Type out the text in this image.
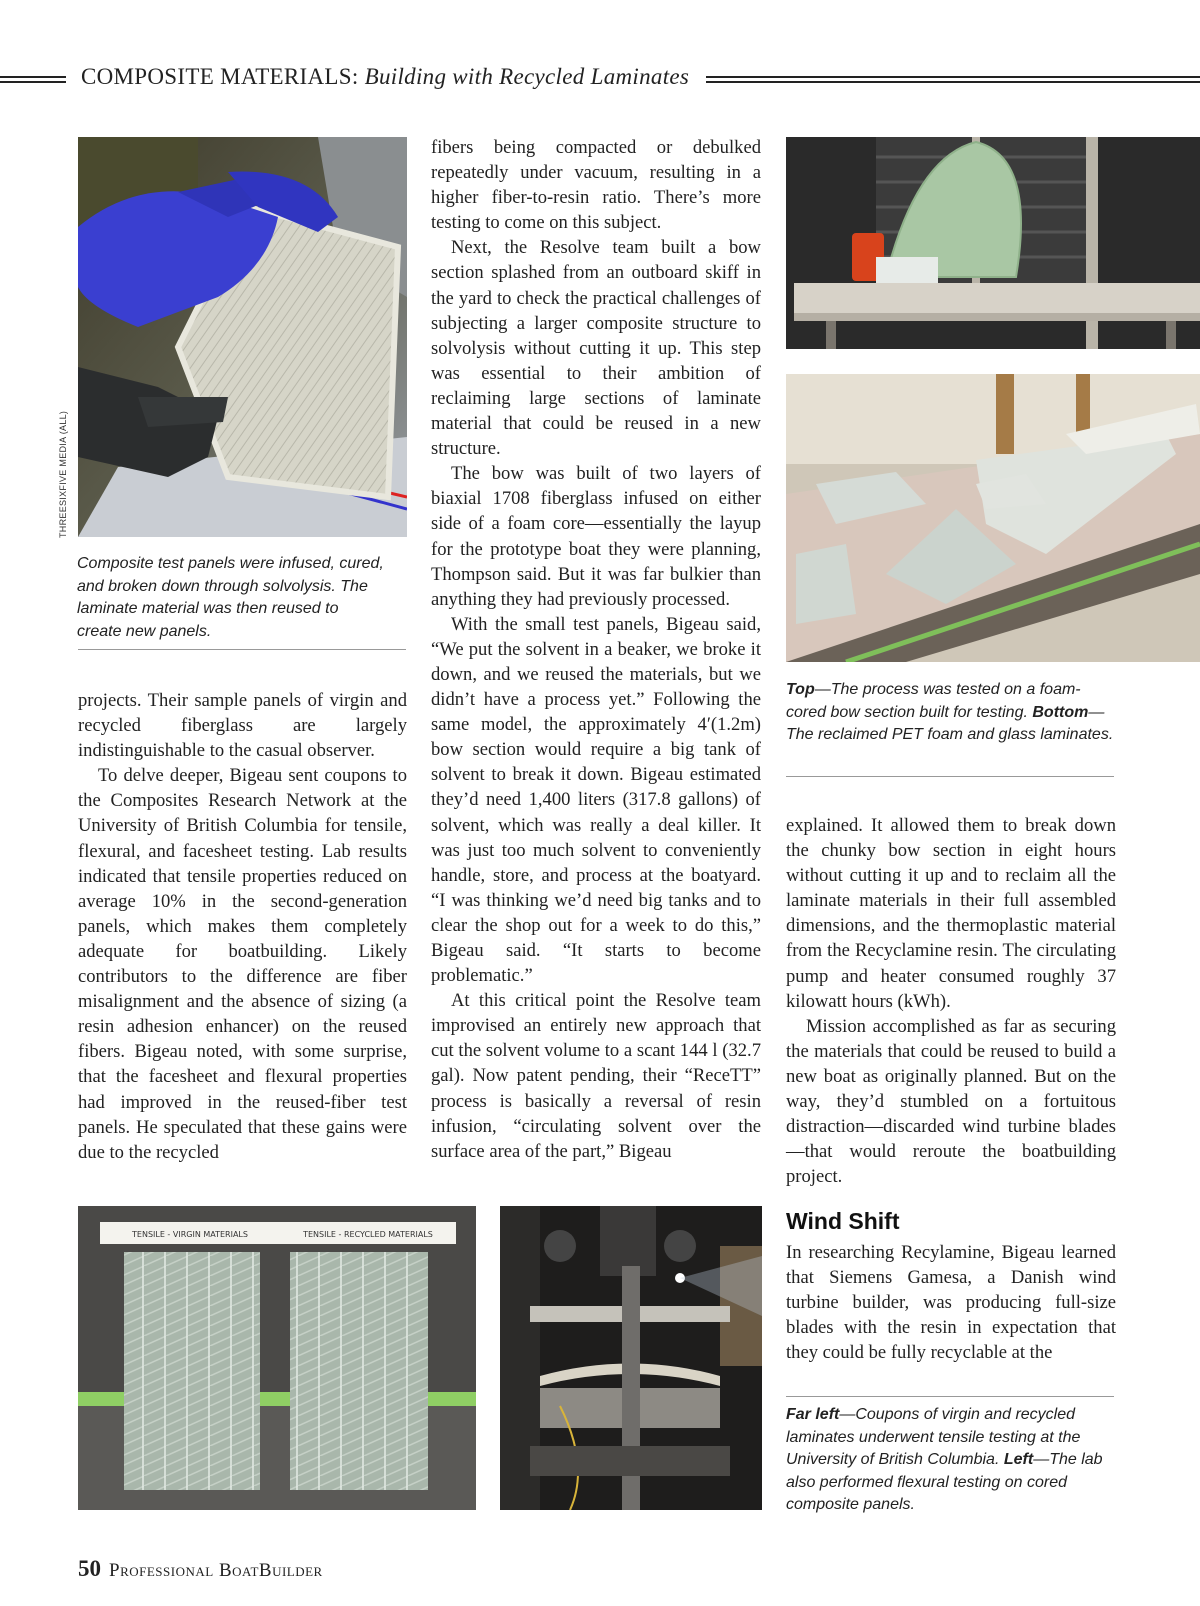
COMPOSITE MATERIALS: Building with Recycled Laminates
THREESIXFIVE MEDIA (ALL)
Composite test panels were infused, cured, and broken down through solvolysis. The laminate material was then reused to create new panels.

projects. Their sample panels of virgin and recycled fiberglass are largely indistinguishable to the casual observer.

To delve deeper, Bigeau sent coupons to the Composites Research Network at the University of British Columbia for tensile, flexural, and facesheet testing. Lab results indicated that tensile properties reduced on average 10% in the second-generation panels, which makes them completely adequate for boatbuilding. Likely contributors to the difference are fiber misalignment and the absence of sizing (a resin adhesion enhancer) on the reused fibers. Bigeau noted, with some surprise, that the facesheet and flexural properties had improved in the reused-fiber test panels. He speculated that these gains were due to the recycled

fibers being compacted or debulked repeatedly under vacuum, resulting in a higher fiber-to-resin ratio. There’s more testing to come on this subject.

Next, the Resolve team built a bow section splashed from an outboard skiff in the yard to check the practical challenges of subjecting a larger composite structure to solvolysis without cutting it up. This step was essential to their ambition of reclaiming large sections of laminate material that could be reused in a new structure.

The bow was built of two layers of biaxial 1708 fiberglass infused on either side of a foam core—essentially the layup for the prototype boat they were planning, Thompson said. But it was far bulkier than anything they had previously processed.

With the small test panels, Bigeau said, “We put the solvent in a beaker, we broke it down, and we reused the materials, but we didn’t have a process yet.” Following the same model, the approximately 4′(1.2m) bow section would require a big tank of solvent to break it down. Bigeau estimated they’d need 1,400 liters (317.8 gallons) of solvent, which was really a deal killer. It was just too much solvent to conveniently handle, store, and process at the boatyard. “I was thinking we’d need big tanks and to clear the shop out for a week to do this,” Bigeau said. “It starts to become problematic.”

At this critical point the Resolve team improvised an entirely new approach that cut the solvent volume to a scant 144 l (32.7 gal). Now patent pending, their “ReceTT” process is basically a reversal of resin infusion, “circulating solvent over the surface area of the part,” Bigeau

Top—The process was tested on a foam-cored bow section built for testing. Bottom—The reclaimed PET foam and glass laminates.

explained. It allowed them to break down the chunky bow section in eight hours without cutting it up and to reclaim all the laminate materials in their full assembled dimensions, and the thermoplastic material from the Recyclamine resin. The circulating pump and heater consumed roughly 37 kilowatt hours (kWh).

Mission accomplished as far as securing the materials that could be reused to build a new boat as originally planned. But on the way, they’d stumbled on a fortuitous distraction—discarded wind turbine blades—that would reroute the boatbuilding project.

Wind Shift

In researching Recylamine, Bigeau learned that Siemens Gamesa, a Danish wind turbine builder, was producing full-size blades with the resin in expectation that they could be fully recyclable at the

Far left—Coupons of virgin and recycled laminates underwent tensile testing at the University of British Columbia. Left—The lab also performed flexural testing on cored composite panels.
TENSILE - VIRGIN MATERIALS	TENSILE - RECYCLED MATERIALS
50 Professional BoatBuilder
